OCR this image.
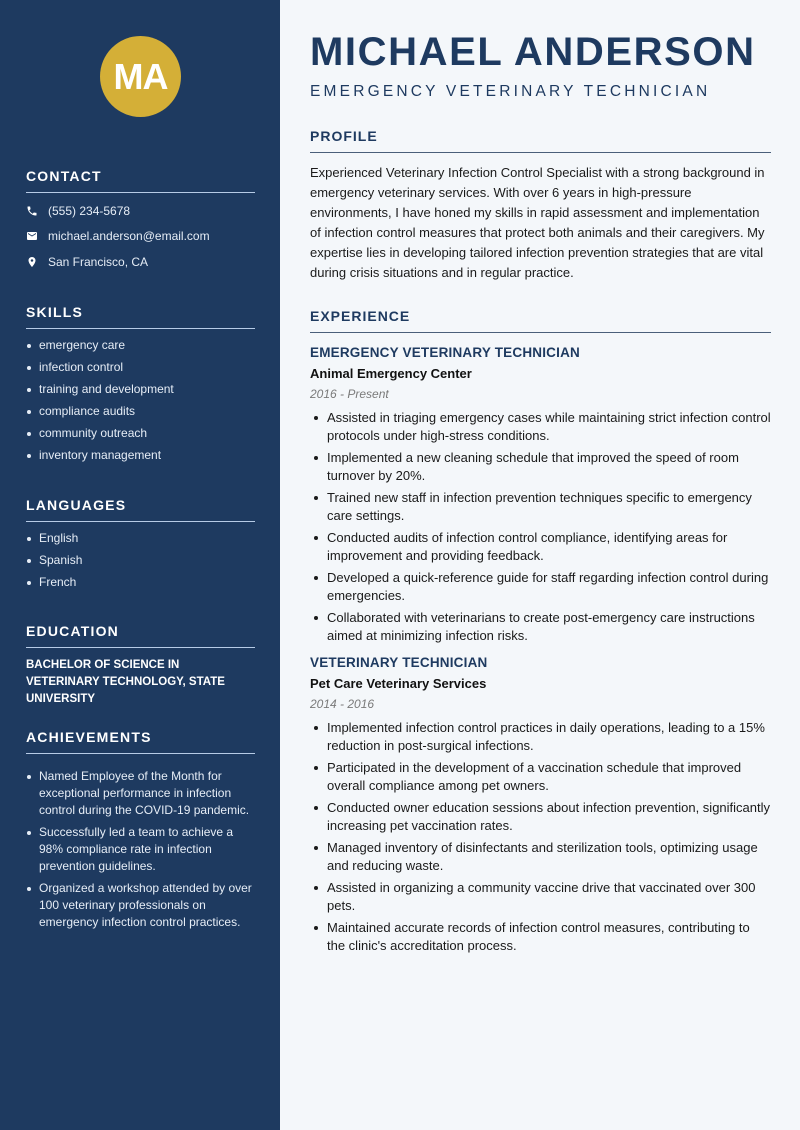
MA
CONTACT
(555) 234-5678
michael.anderson@email.com
San Francisco, CA
SKILLS
emergency care
infection control
training and development
compliance audits
community outreach
inventory management
LANGUAGES
English
Spanish
French
EDUCATION

BACHELOR OF SCIENCE IN VETERINARY TECHNOLOGY, STATE UNIVERSITY

ACHIEVEMENTS
Named Employee of the Month for exceptional performance in infection control during the COVID-19 pandemic.
Successfully led a team to achieve a 98% compliance rate in infection prevention guidelines.
Organized a workshop attended by over 100 veterinary professionals on emergency infection control practices.
MICHAEL ANDERSON
EMERGENCY VETERINARY TECHNICIAN
PROFILE

Experienced Veterinary Infection Control Specialist with a strong background in emergency veterinary services. With over 6 years in high-pressure environments, I have honed my skills in rapid assessment and implementation of infection control measures that protect both animals and their caregivers. My expertise lies in developing tailored infection prevention strategies that are vital during crisis situations and in regular practice.

EXPERIENCE
EMERGENCY VETERINARY TECHNICIAN
Animal Emergency Center
2016 - Present
Assisted in triaging emergency cases while maintaining strict infection control protocols under high-stress conditions.
Implemented a new cleaning schedule that improved the speed of room turnover by 20%.
Trained new staff in infection prevention techniques specific to emergency care settings.
Conducted audits of infection control compliance, identifying areas for improvement and providing feedback.
Developed a quick-reference guide for staff regarding infection control during emergencies.
Collaborated with veterinarians to create post-emergency care instructions aimed at minimizing infection risks.
VETERINARY TECHNICIAN
Pet Care Veterinary Services
2014 - 2016
Implemented infection control practices in daily operations, leading to a 15% reduction in post-surgical infections.
Participated in the development of a vaccination schedule that improved overall compliance among pet owners.
Conducted owner education sessions about infection prevention, significantly increasing pet vaccination rates.
Managed inventory of disinfectants and sterilization tools, optimizing usage and reducing waste.
Assisted in organizing a community vaccine drive that vaccinated over 300 pets.
Maintained accurate records of infection control measures, contributing to the clinic's accreditation process.
